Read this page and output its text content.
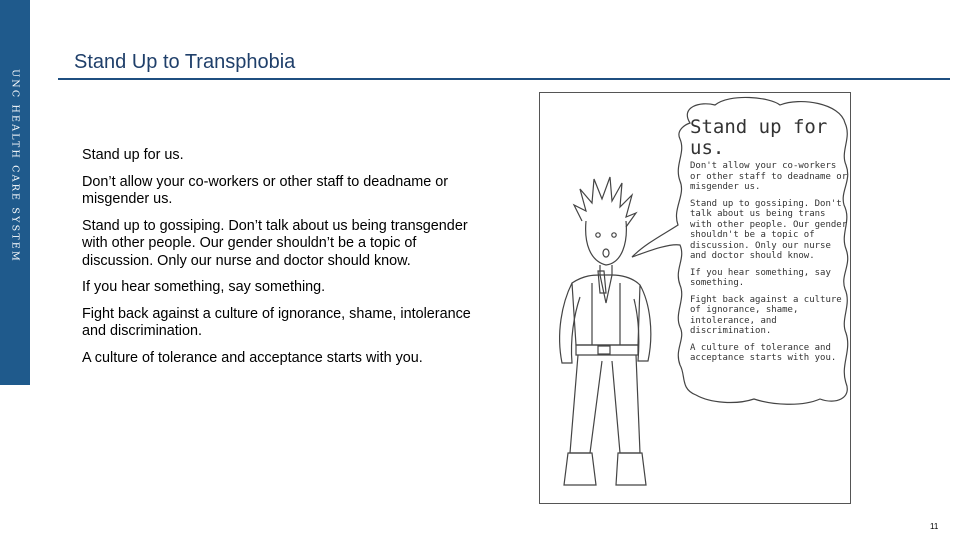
UNC HEALTH CARE SYSTEM
Stand Up to Transphobia

Stand up for us.

Don’t allow your co-workers or other staff to deadname or misgender us.

Stand up to gossiping. Don’t talk about us being transgender with other people. Our gender shouldn’t be a topic of discussion. Only our nurse and doctor should know.

If you hear something, say something.

Fight back against a culture of ignorance, shame, intolerance and discrimination.

A culture of tolerance and acceptance starts with you.

Stand up for us.

Don't allow your co-workers or other staff to deadname or misgender us.

Stand up to gossiping. Don't talk about us being trans with other people. Our gender shouldn't be a topic of discussion. Only our nurse and doctor should know.

If you hear something, say something.

Fight back against a culture of ignorance, shame, intolerance, and discrimination.

A culture of tolerance and acceptance starts with you.

11
